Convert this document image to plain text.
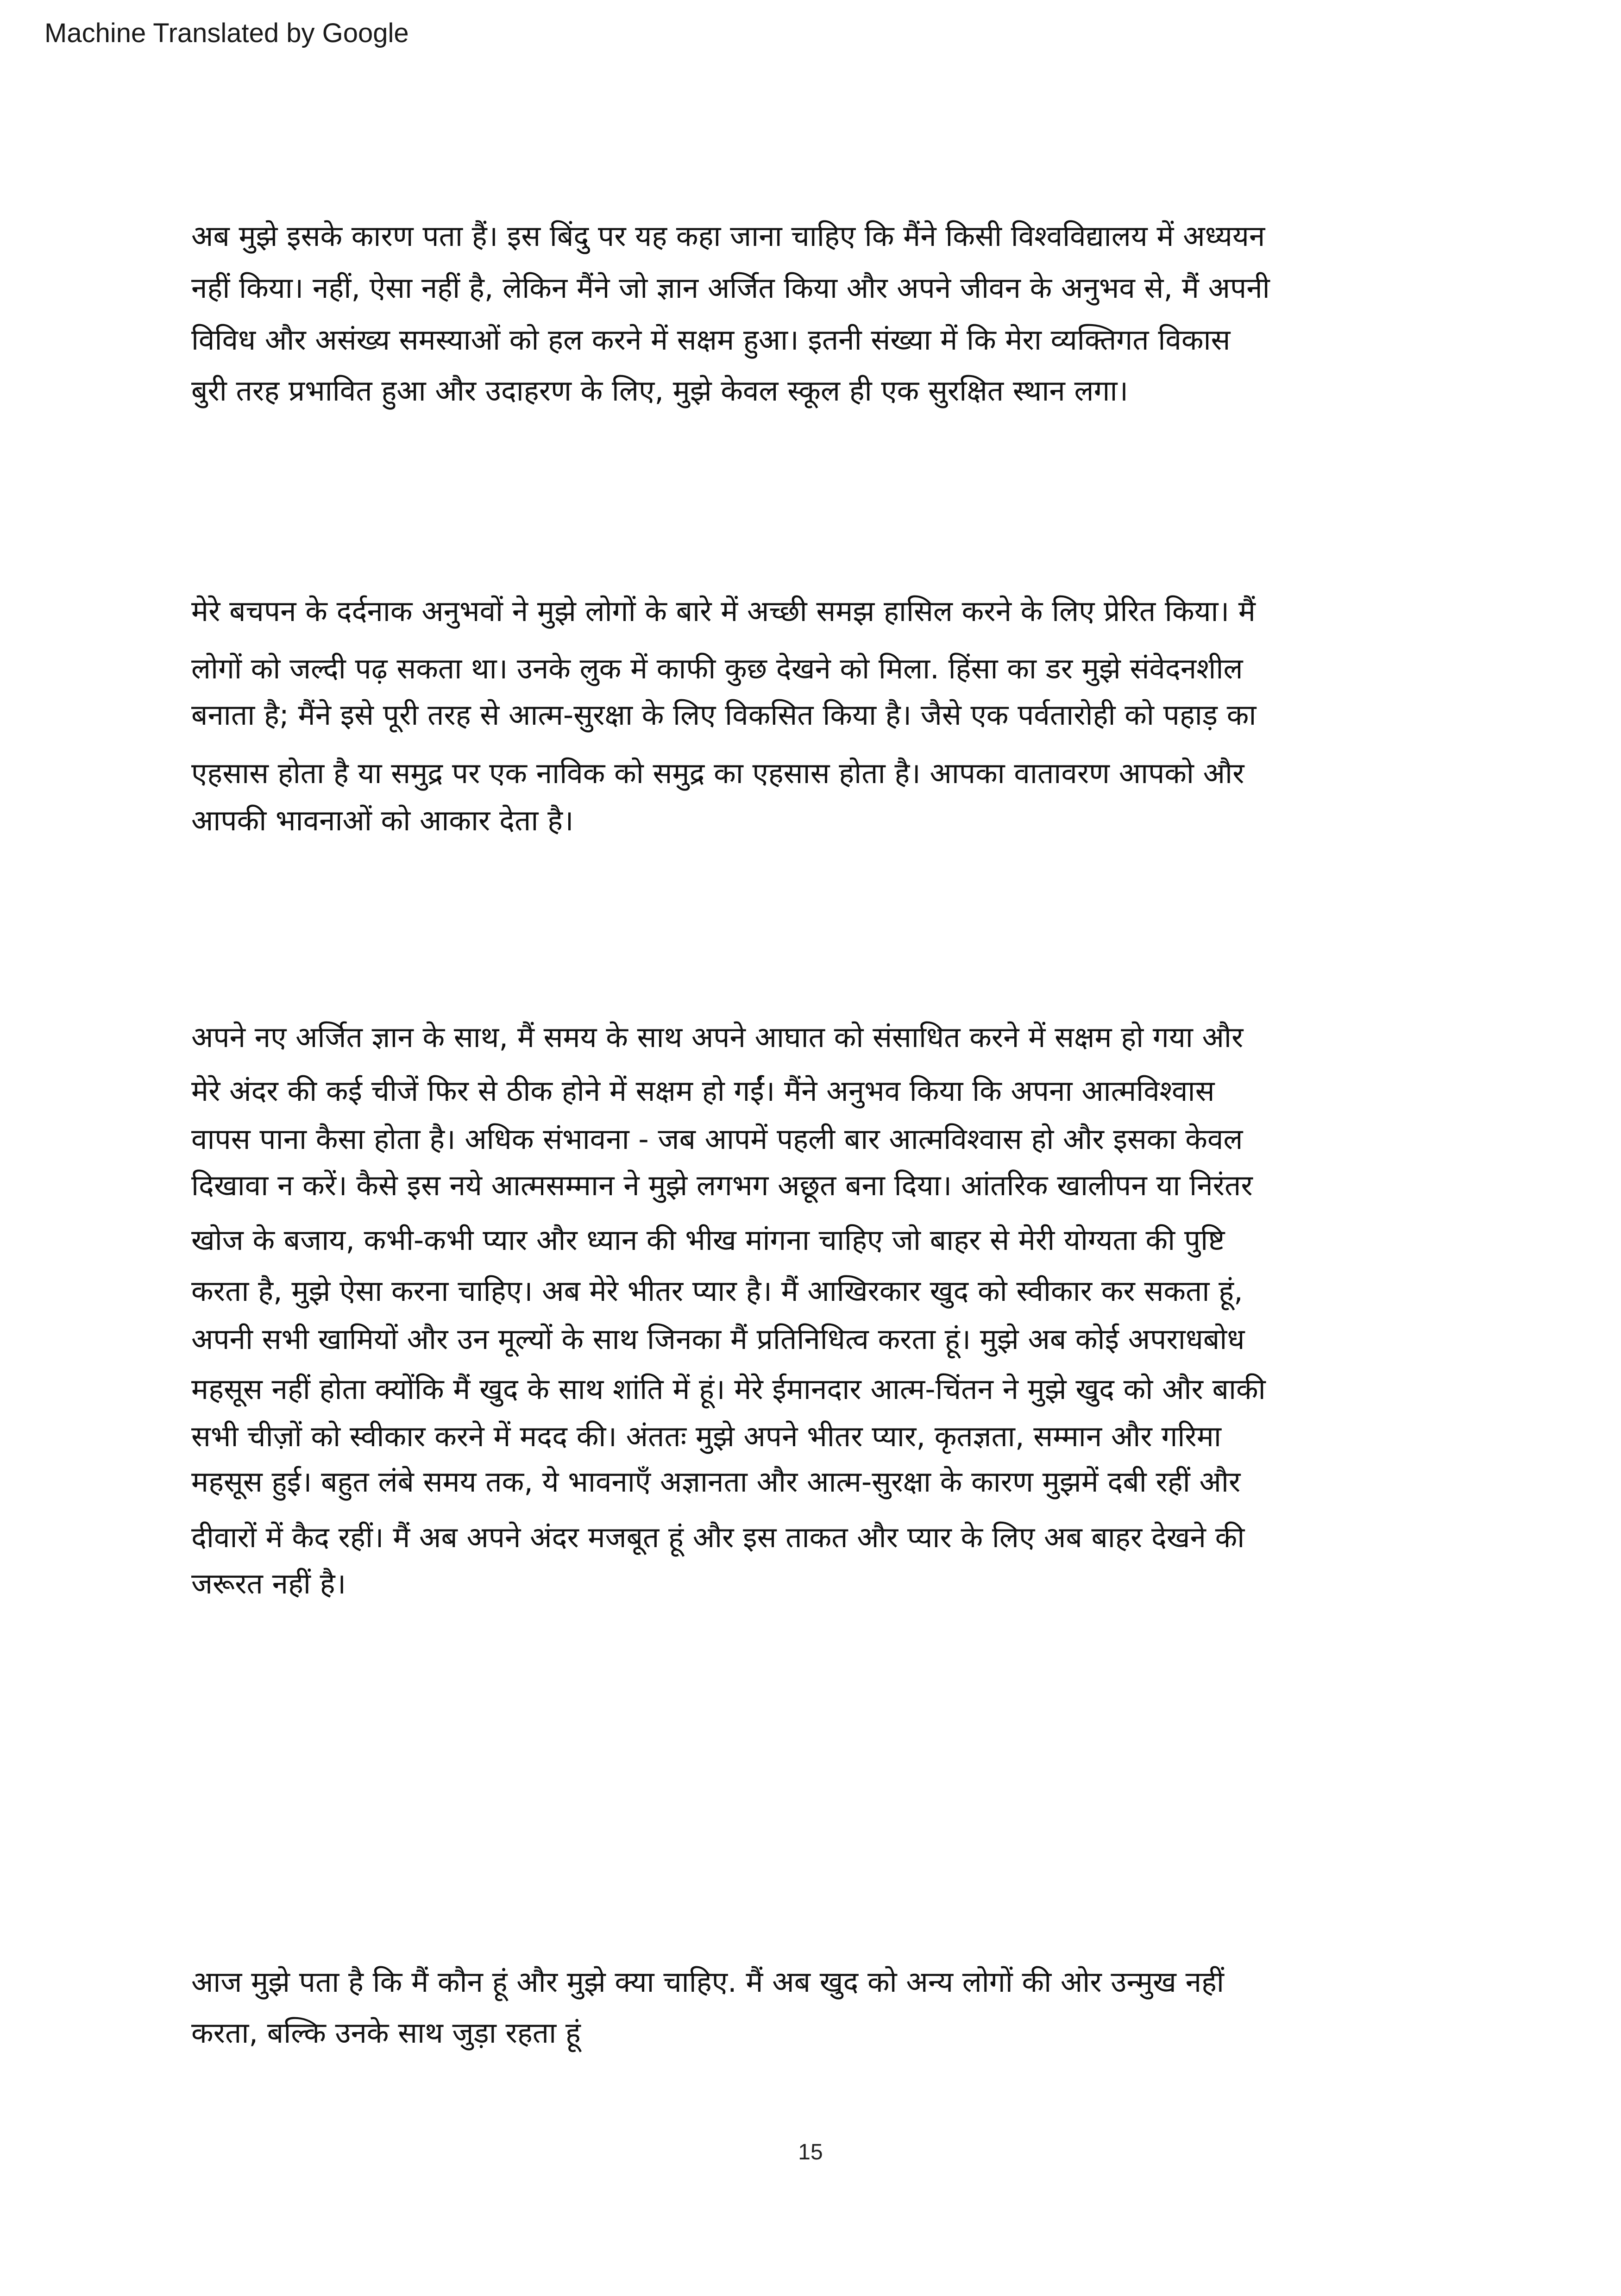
Machine Translated by Google
अब मुझे इसके कारण पता हैं। इस बिंदु पर यह कहा जाना चाहिए कि मैंने किसी विश्वविद्यालय में अध्ययन
नहीं किया। नहीं, ऐसा नहीं है, लेकिन मैंने जो ज्ञान अर्जित किया और अपने जीवन के अनुभव से, मैं अपनी
विविध और असंख्य समस्याओं को हल करने में सक्षम हुआ। इतनी संख्या में कि मेरा व्यक्तिगत विकास
बुरी तरह प्रभावित हुआ और उदाहरण के लिए, मुझे केवल स्कूल ही एक सुरक्षित स्थान लगा।
मेरे बचपन के दर्दनाक अनुभवों ने मुझे लोगों के बारे में अच्छी समझ हासिल करने के लिए प्रेरित किया। मैं
लोगों को जल्दी पढ़ सकता था। उनके लुक में काफी कुछ देखने को मिला. हिंसा का डर मुझे संवेदनशील
बनाता है; मैंने इसे पूरी तरह से आत्म-सुरक्षा के लिए विकसित किया है। जैसे एक पर्वतारोही को पहाड़ का
एहसास होता है या समुद्र पर एक नाविक को समुद्र का एहसास होता है। आपका वातावरण आपको और
आपकी भावनाओं को आकार देता है।
अपने नए अर्जित ज्ञान के साथ, मैं समय के साथ अपने आघात को संसाधित करने में सक्षम हो गया और
मेरे अंदर की कई चीजें फिर से ठीक होने में सक्षम हो गईं। मैंने अनुभव किया कि अपना आत्मविश्वास
वापस पाना कैसा होता है। अधिक संभावना - जब आपमें पहली बार आत्मविश्वास हो और इसका केवल
दिखावा न करें। कैसे इस नये आत्मसम्मान ने मुझे लगभग अछूत बना दिया। आंतरिक खालीपन या निरंतर
खोज के बजाय, कभी-कभी प्यार और ध्यान की भीख मांगना चाहिए जो बाहर से मेरी योग्यता की पुष्टि
करता है, मुझे ऐसा करना चाहिए। अब मेरे भीतर प्यार है। मैं आखिरकार खुद को स्वीकार कर सकता हूं,
अपनी सभी खामियों और उन मूल्यों के साथ जिनका मैं प्रतिनिधित्व करता हूं। मुझे अब कोई अपराधबोध
महसूस नहीं होता क्योंकि मैं खुद के साथ शांति में हूं। मेरे ईमानदार आत्म-चिंतन ने मुझे खुद को और बाकी
सभी चीज़ों को स्वीकार करने में मदद की। अंततः मुझे अपने भीतर प्यार, कृतज्ञता, सम्मान और गरिमा
महसूस हुई। बहुत लंबे समय तक, ये भावनाएँ अज्ञानता और आत्म-सुरक्षा के कारण मुझमें दबी रहीं और
दीवारों में कैद रहीं। मैं अब अपने अंदर मजबूत हूं और इस ताकत और प्यार के लिए अब बाहर देखने की
जरूरत नहीं है।
आज मुझे पता है कि मैं कौन हूं और मुझे क्या चाहिए. मैं अब खुद को अन्य लोगों की ओर उन्मुख नहीं
करता, बल्कि उनके साथ जुड़ा रहता हूं
15
